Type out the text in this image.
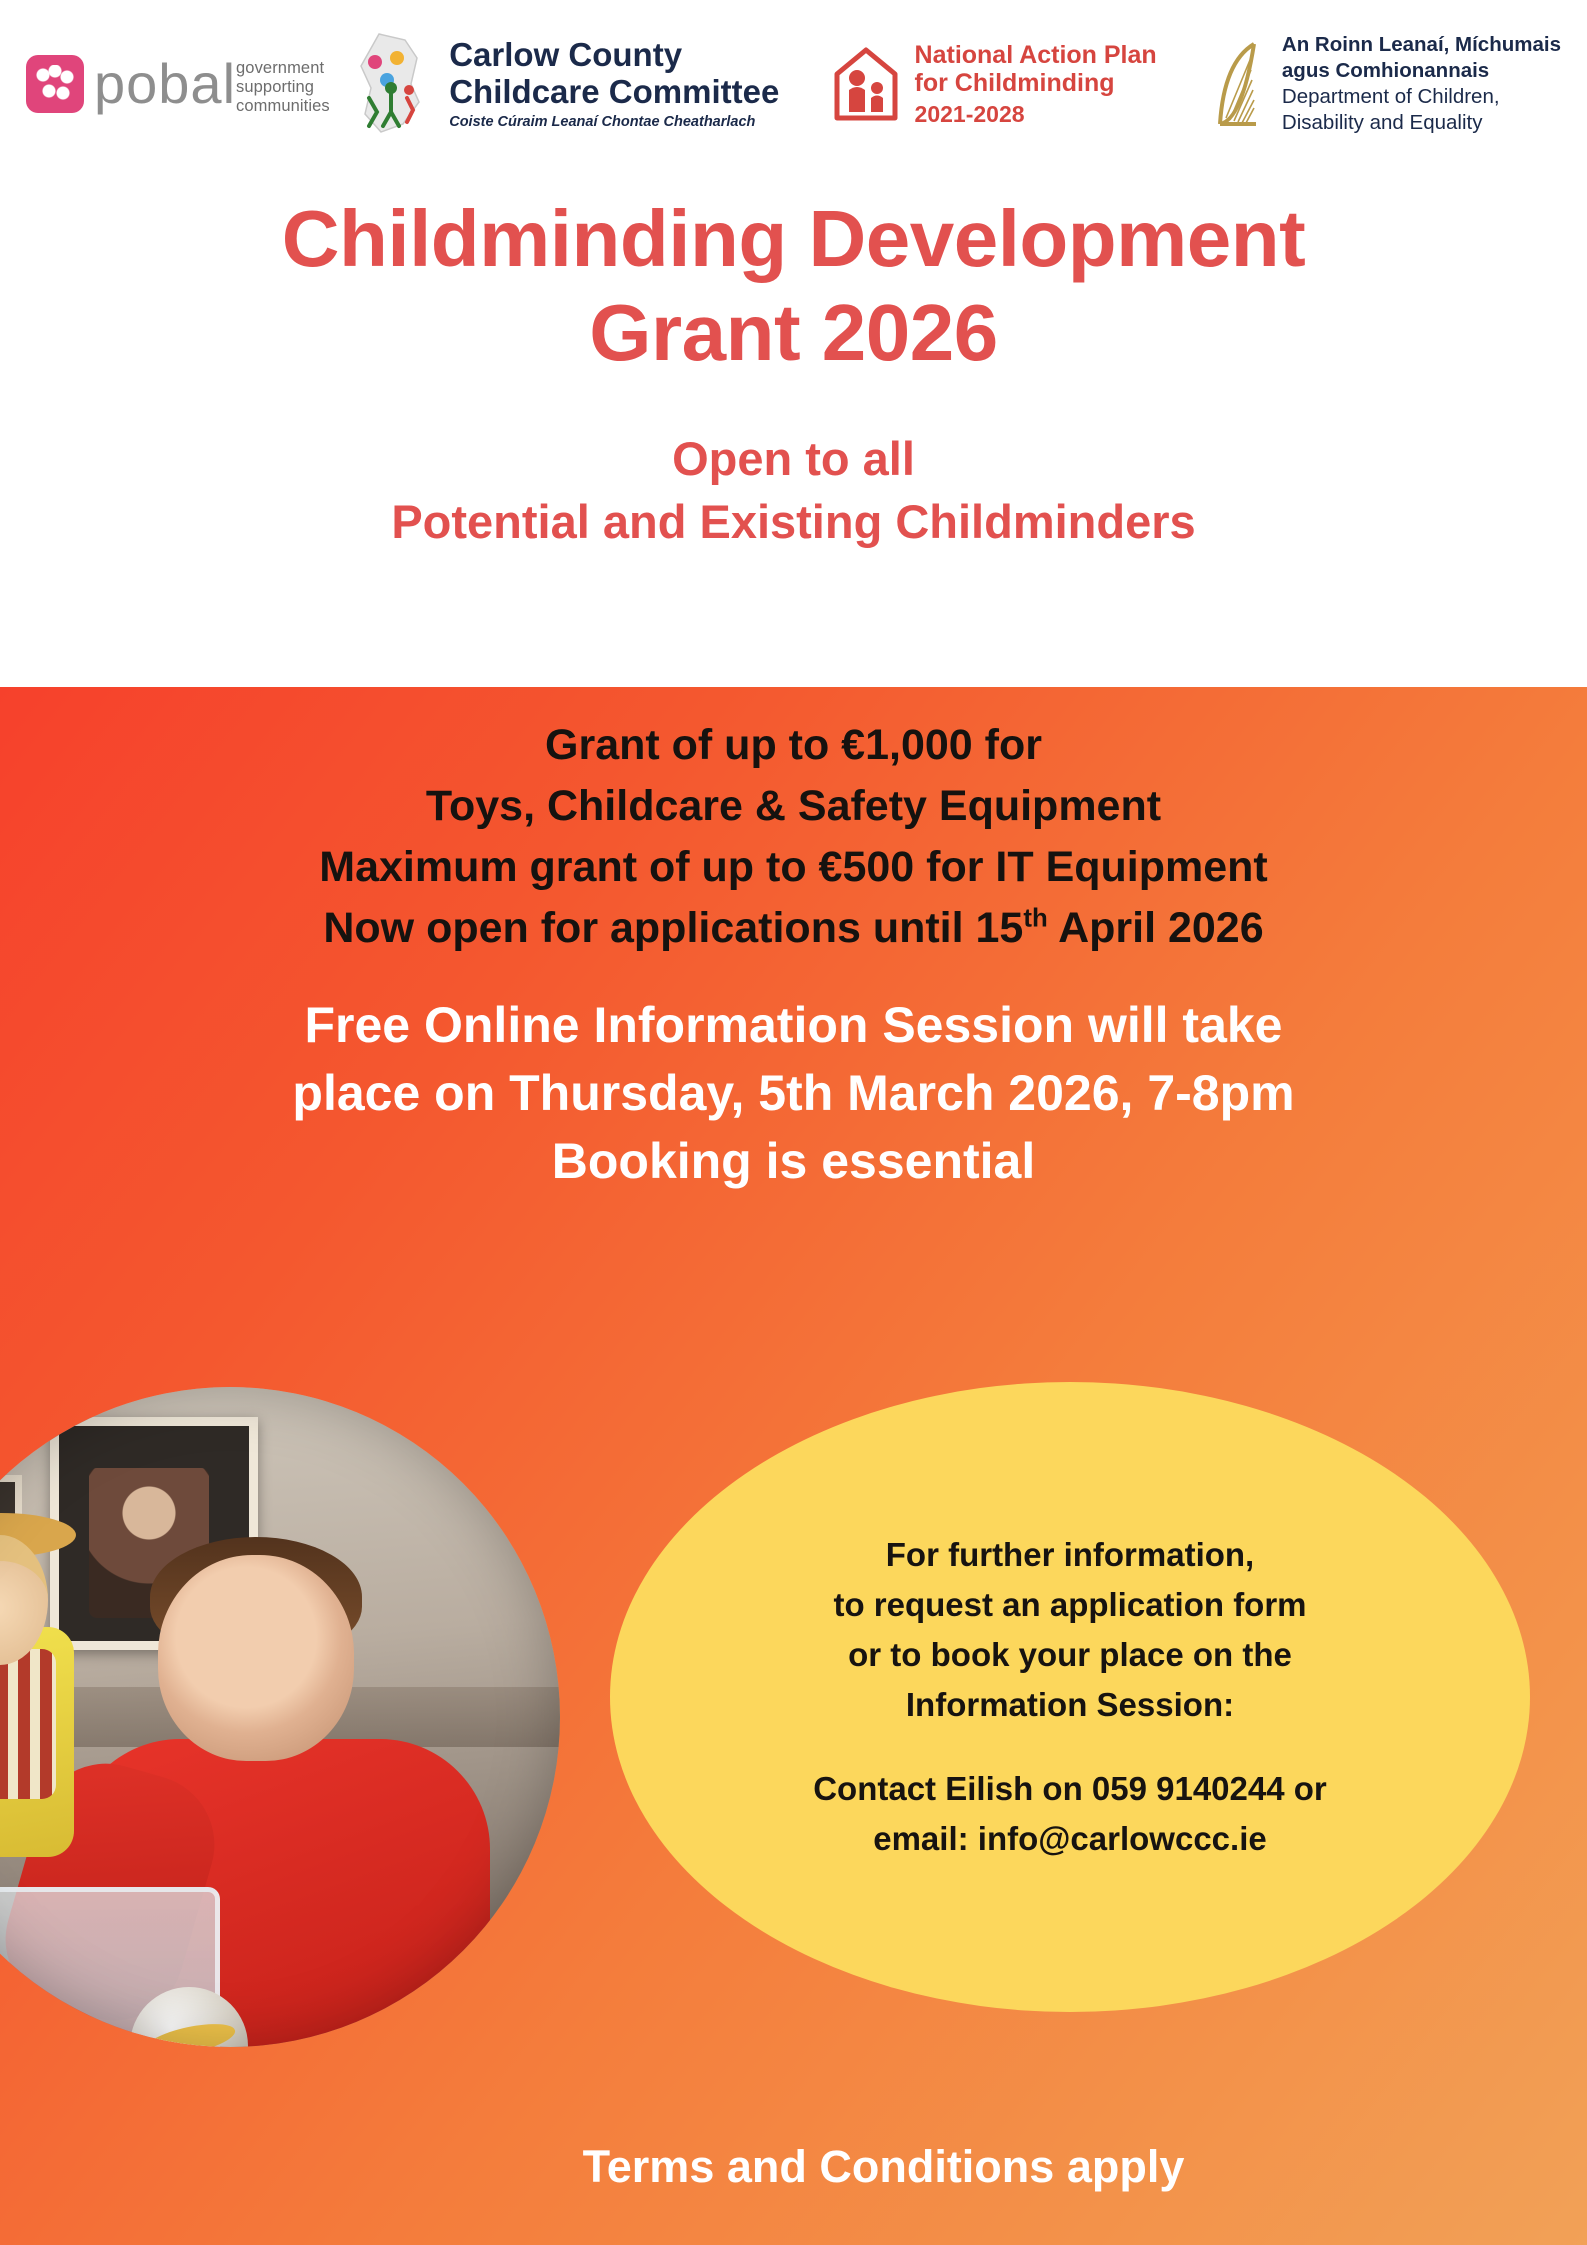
pobal government supporting communities
Carlow County
Childcare Committee
Coiste Cúraim Leanaí Chontae Cheatharlach
National Action Plan
for Childminding
2021-2028
An Roinn Leanaí, Míchumais
agus Comhionannais
Department of Children,
Disability and Equality
Childminding Development
Grant 2026
Open to all
Potential and Existing Childminders
Grant of up to €1,000 for
Toys, Childcare & Safety Equipment
Maximum grant of up to €500 for IT Equipment
Now open for applications until 15th April 2026
Free Online Information Session will take
place on Thursday, 5th March 2026, 7-8pm
Booking is essential
For further information,
to request an application form
or to book your place on the
Information Session:
Contact Eilish on 059 9140244 or
email: info@carlowccc.ie
Terms and Conditions apply
